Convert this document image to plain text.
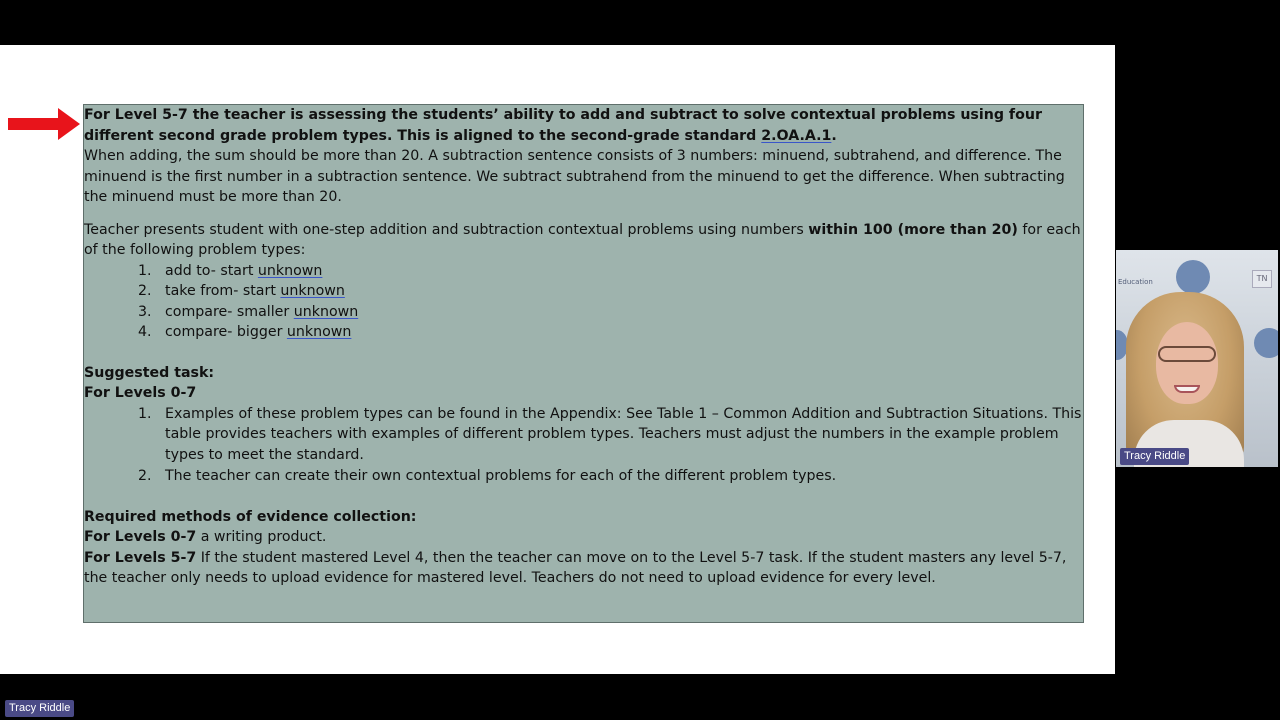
For Level 5-7 the teacher is assessing the students’ ability to add and subtract to solve contextual problems using four different second grade problem types. This is aligned to the second-grade standard 2.OA.A.1.

When adding, the sum should be more than 20. A subtraction sentence consists of 3 numbers: minuend, subtrahend, and difference. The minuend is the first number in a subtraction sentence. We subtract subtrahend from the minuend to get the difference. When subtracting the minuend must be more than 20.

Teacher presents student with one-step addition and subtraction contextual problems using numbers within 100 (more than 20) for each of the following problem types:

1. add to- start unknown
2. take from- start unknown
3. compare- smaller unknown
4. compare- bigger unknown

Suggested task:

For Levels 0-7

1. Examples of these problem types can be found in the Appendix: See Table 1 – Common Addition and Subtraction Situations. This table provides teachers with examples of different problem types. Teachers must adjust the numbers in the example problem types to meet the standard.
2. The teacher can create their own contextual problems for each of the different problem types.

Required methods of evidence collection:

For Levels 0-7 a writing product.

For Levels 5-7 If the student mastered Level 4, then the teacher can move on to the Level 5-7 task. If the student masters any level 5-7, the teacher only needs to upload evidence for mastered level. Teachers do not need to upload evidence for every level.

Education	TN
Tracy Riddle
Tracy Riddle
